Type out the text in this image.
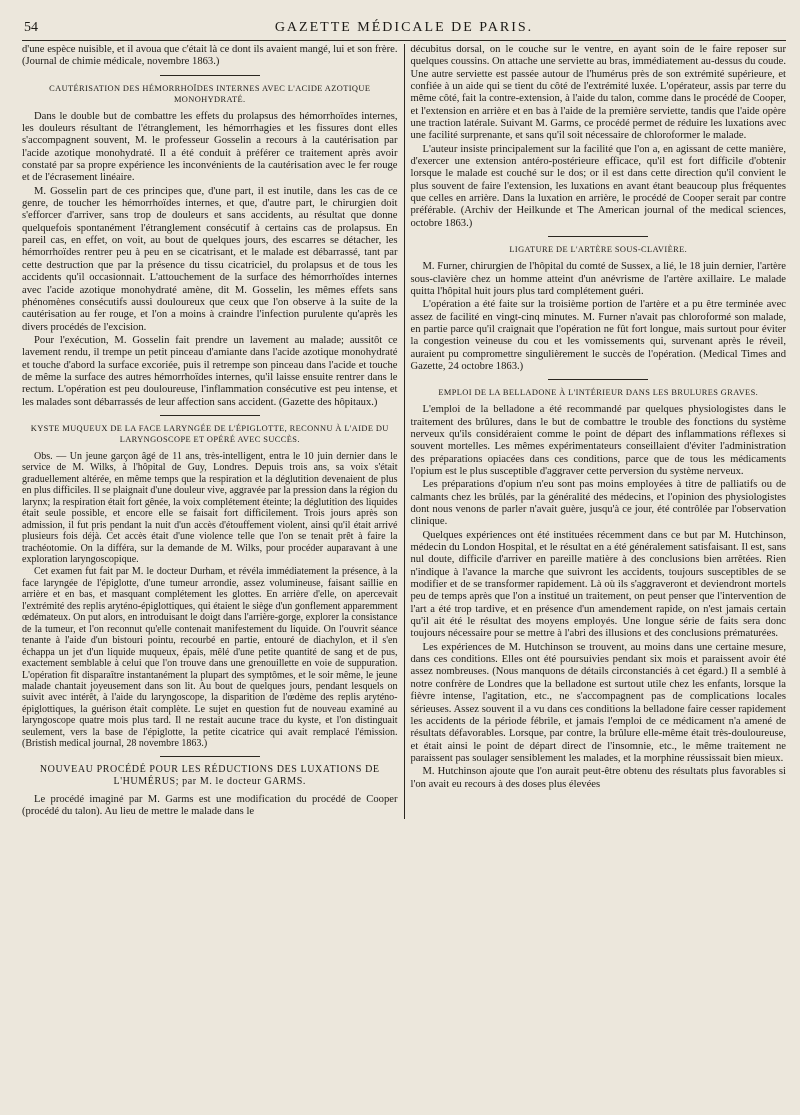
54	GAZETTE MÉDICALE DE PARIS.

d'une espèce nuisible, et il avoua que c'était là ce dont ils avaient mangé, lui et son frère. (Journal de chimie médicale, novembre 1863.)

CAUTÉRISATION DES HÉMORRHOÏDES INTERNES AVEC L'ACIDE AZOTIQUE MONOHYDRATÉ.

Dans le double but de combattre les effets du prolapsus des hémorrhoïdes internes, les douleurs résultant de l'étranglement, les hémorrhagies et les fissures dont elles s'accompagnent souvent, M. le professeur Gosselin a recours à la cautérisation par l'acide azotique monohydraté. Il a été conduit à préférer ce traitement après avoir constaté par sa propre expérience les inconvénients de la cautérisation avec le fer rouge et de l'écrasement linéaire.

M. Gosselin part de ces principes que, d'une part, il est inutile, dans les cas de ce genre, de toucher les hémorrhoïdes internes, et que, d'autre part, le chirurgien doit s'efforcer d'arriver, sans trop de douleurs et sans accidents, au résultat que donne quelquefois spontanément l'étranglement consécutif à certains cas de prolapsus. En pareil cas, en effet, on voit, au bout de quelques jours, des escarres se détacher, les hémorrhoïdes rentrer peu à peu en se cicatrisant, et le malade est débarrassé, tant par cette destruction que par la présence du tissu cicatriciel, du prolapsus et de tous les accidents qu'il occasionnait. L'attouchement de la surface des hémorrhoïdes internes avec l'acide azotique monohydraté amène, dit M. Gosselin, les mêmes effets sans phénomènes consécutifs aussi douloureux que ceux que l'on observe à la suite de la cautérisation au fer rouge, et l'on a moins à craindre l'infection purulente qu'après les divers procédés de l'excision.

Pour l'exécution, M. Gosselin fait prendre un lavement au malade; aussitôt ce lavement rendu, il trempe un petit pinceau d'amiante dans l'acide azotique monohydraté et touche d'abord la surface excoriée, puis il retrempe son pinceau dans l'acide et touche de même la surface des autres hémorrhoïdes internes, qu'il laisse ensuite rentrer dans le rectum. L'opération est peu douloureuse, l'inflammation consécutive est peu intense, et les malades sont débarrassés de leur affection sans accident. (Gazette des hôpitaux.)

KYSTE MUQUEUX DE LA FACE LARYNGÉE DE L'ÉPIGLOTTE, RECONNU À L'AIDE DU LARYNGOSCOPE ET OPÉRÉ AVEC SUCCÈS.

Obs. — Un jeune garçon âgé de 11 ans, très-intelligent, entra le 10 juin dernier dans le service de M. Wilks, à l'hôpital de Guy, Londres. Depuis trois ans, sa voix s'était graduellement altérée, en même temps que la respiration et la déglutition devenaient de plus en plus difficiles. Il se plaignait d'une douleur vive, aggravée par la pression dans la région du larynx; la respiration était fort gênée, la voix complétement éteinte; la déglutition des liquides était seule possible, et encore elle se faisait fort difficilement. Trois jours après son admission, il fut pris pendant la nuit d'un accès d'étouffement violent, ainsi qu'il était arrivé plusieurs fois déjà. Cet accès était d'une violence telle que l'on se tenait prêt à faire la trachéotomie. On la différa, sur la demande de M. Wilks, pour procéder auparavant à une exploration laryngoscopique.

Cet examen fut fait par M. le docteur Durham, et révéla immédiatement la présence, à la face laryngée de l'épiglotte, d'une tumeur arrondie, assez volumineuse, faisant saillie en arrière et en bas, et masquant complétement les glottes. En arrière d'elle, on apercevait l'extrémité des replis aryténo-épiglottiques, qui étaient le siège d'un gonflement apparemment œdémateux. On put alors, en introduisant le doigt dans l'arrière-gorge, explorer la consistance de la tumeur, et l'on reconnut qu'elle contenait manifestement du liquide. On l'ouvrit séance tenante à l'aide d'un bistouri pointu, recourbé en partie, entouré de diachylon, et il s'en échappa un jet d'un liquide muqueux, épais, mêlé d'une petite quantité de sang et de pus, exactement semblable à celui que l'on trouve dans une grenouillette en voie de suppuration. L'opération fit disparaître instantanément la plupart des symptômes, et le soir même, le jeune malade chantait joyeusement dans son lit. Au bout de quelques jours, pendant lesquels on suivit avec intérêt, à l'aide du laryngoscope, la disparition de l'œdème des replis aryténo-épiglottiques, la guérison était complète. Le sujet en question fut de nouveau examiné au laryngoscope quatre mois plus tard. Il ne restait aucune trace du kyste, et l'on distinguait seulement, vers la base de l'épiglotte, la petite cicatrice qui avait remplacé l'émission. (Bristish medical journal, 28 novembre 1863.)

NOUVEAU PROCÉDÉ POUR LES RÉDUCTIONS DES LUXATIONS DE L'HUMÉRUS; par M. le docteur GARMS.

Le procédé imaginé par M. Garms est une modification du procédé de Cooper (procédé du talon). Au lieu de mettre le malade dans le

décubitus dorsal, on le couche sur le ventre, en ayant soin de le faire reposer sur quelques coussins. On attache une serviette au bras, immédiatement au-dessus du coude. Une autre serviette est passée autour de l'humérus près de son extrémité supérieure, et confiée à un aide qui se tient du côté de l'extrémité luxée. L'opérateur, assis par terre du même côté, fait la contre-extension, à l'aide du talon, comme dans le procédé de Cooper, et l'extension en arrière et en bas à l'aide de la première serviette, tandis que l'aide opère une traction latérale. Suivant M. Garms, ce procédé permet de réduire les luxations avec une facilité surprenante, et sans qu'il soit nécessaire de chloroformer le malade.

L'auteur insiste principalement sur la facilité que l'on a, en agissant de cette manière, d'exercer une extension antéro-postérieure efficace, qu'il est fort difficile d'obtenir lorsque le malade est couché sur le dos; or il est dans cette direction qu'il convient le plus souvent de faire l'extension, les luxations en avant étant beaucoup plus fréquentes que celles en arrière. Dans la luxation en arrière, le procédé de Cooper serait par contre préférable. (Archiv der Heilkunde et The American journal of the medical sciences, octobre 1863.)

LIGATURE DE L'ARTÈRE SOUS-CLAVIÈRE.

M. Furner, chirurgien de l'hôpital du comté de Sussex, a lié, le 18 juin dernier, l'artère sous-clavière chez un homme atteint d'un anévrisme de l'artère axillaire. Le malade quitta l'hôpital huit jours plus tard complétement guéri.

L'opération a été faite sur la troisième portion de l'artère et a pu être terminée avec assez de facilité en vingt-cinq minutes. M. Furner n'avait pas chloroformé son malade, en partie parce qu'il craignait que l'opération ne fût fort longue, mais surtout pour éviter la congestion veineuse du cou et les vomissements qui, survenant après le réveil, auraient pu compromettre singulièrement le succès de l'opération. (Medical Times and Gazette, 24 octobre 1863.)

EMPLOI DE LA BELLADONE À L'INTÉRIEUR DANS LES BRULURES GRAVES.

L'emploi de la belladone a été recommandé par quelques physiologistes dans le traitement des brûlures, dans le but de combattre le trouble des fonctions du système nerveux qu'ils considéraient comme le point de départ des inflammations réflexes si souvent mortelles. Les mêmes expérimentateurs conseillaient d'éviter l'administration des préparations opiacées dans ces conditions, parce que de tous les médicaments l'opium est le plus susceptible d'aggraver cette perversion du système nerveux.

Les préparations d'opium n'eu sont pas moins employées à titre de palliatifs ou de calmants chez les brûlés, par la généralité des médecins, et l'opinion des physiologistes dont nous venons de parler n'avait guère, jusqu'à ce jour, été contrôlée par l'observation clinique.

Quelques expériences ont été instituées récemment dans ce but par M. Hutchinson, médecin du London Hospital, et le résultat en a été généralement satisfaisant. Il est, sans nul doute, difficile d'arriver en pareille matière à des conclusions bien arrêtées. Rien n'indique à l'avance la marche que suivront les accidents, toujours susceptibles de se modifier et de se transformer rapidement. Là où ils s'aggraveront et deviendront mortels peu de temps après que l'on a institué un traitement, on peut penser que l'intervention de l'art a été trop tardive, et en présence d'un amendement rapide, on n'est jamais certain qu'il ait été le résultat des moyens employés. Une longue série de faits sera donc toujours nécessaire pour se mettre à l'abri des illusions et des conclusions prématurées.

Les expériences de M. Hutchinson se trouvent, au moins dans une certaine mesure, dans ces conditions. Elles ont été poursuivies pendant six mois et paraissent avoir été assez nombreuses. (Nous manquons de détails circonstanciés à cet égard.) Il a semblé à notre confrère de Londres que la belladone est surtout utile chez les enfants, lorsque la fièvre intense, l'agitation, etc., ne s'accompagnent pas de complications locales sérieuses. Assez souvent il a vu dans ces conditions la belladone faire cesser rapidement les accidents de la période fébrile, et jamais l'emploi de ce médicament n'a amené de résultats défavorables. Lorsque, par contre, la brûlure elle-même était très-douloureuse, et était ainsi le point de départ direct de l'insomnie, etc., le même traitement ne paraissent pas soulager sensiblement les malades, et la morphine réussissait bien mieux.

M. Hutchinson ajoute que l'on aurait peut-être obtenu des résultats plus favorables si l'on avait eu recours à des doses plus élevées
